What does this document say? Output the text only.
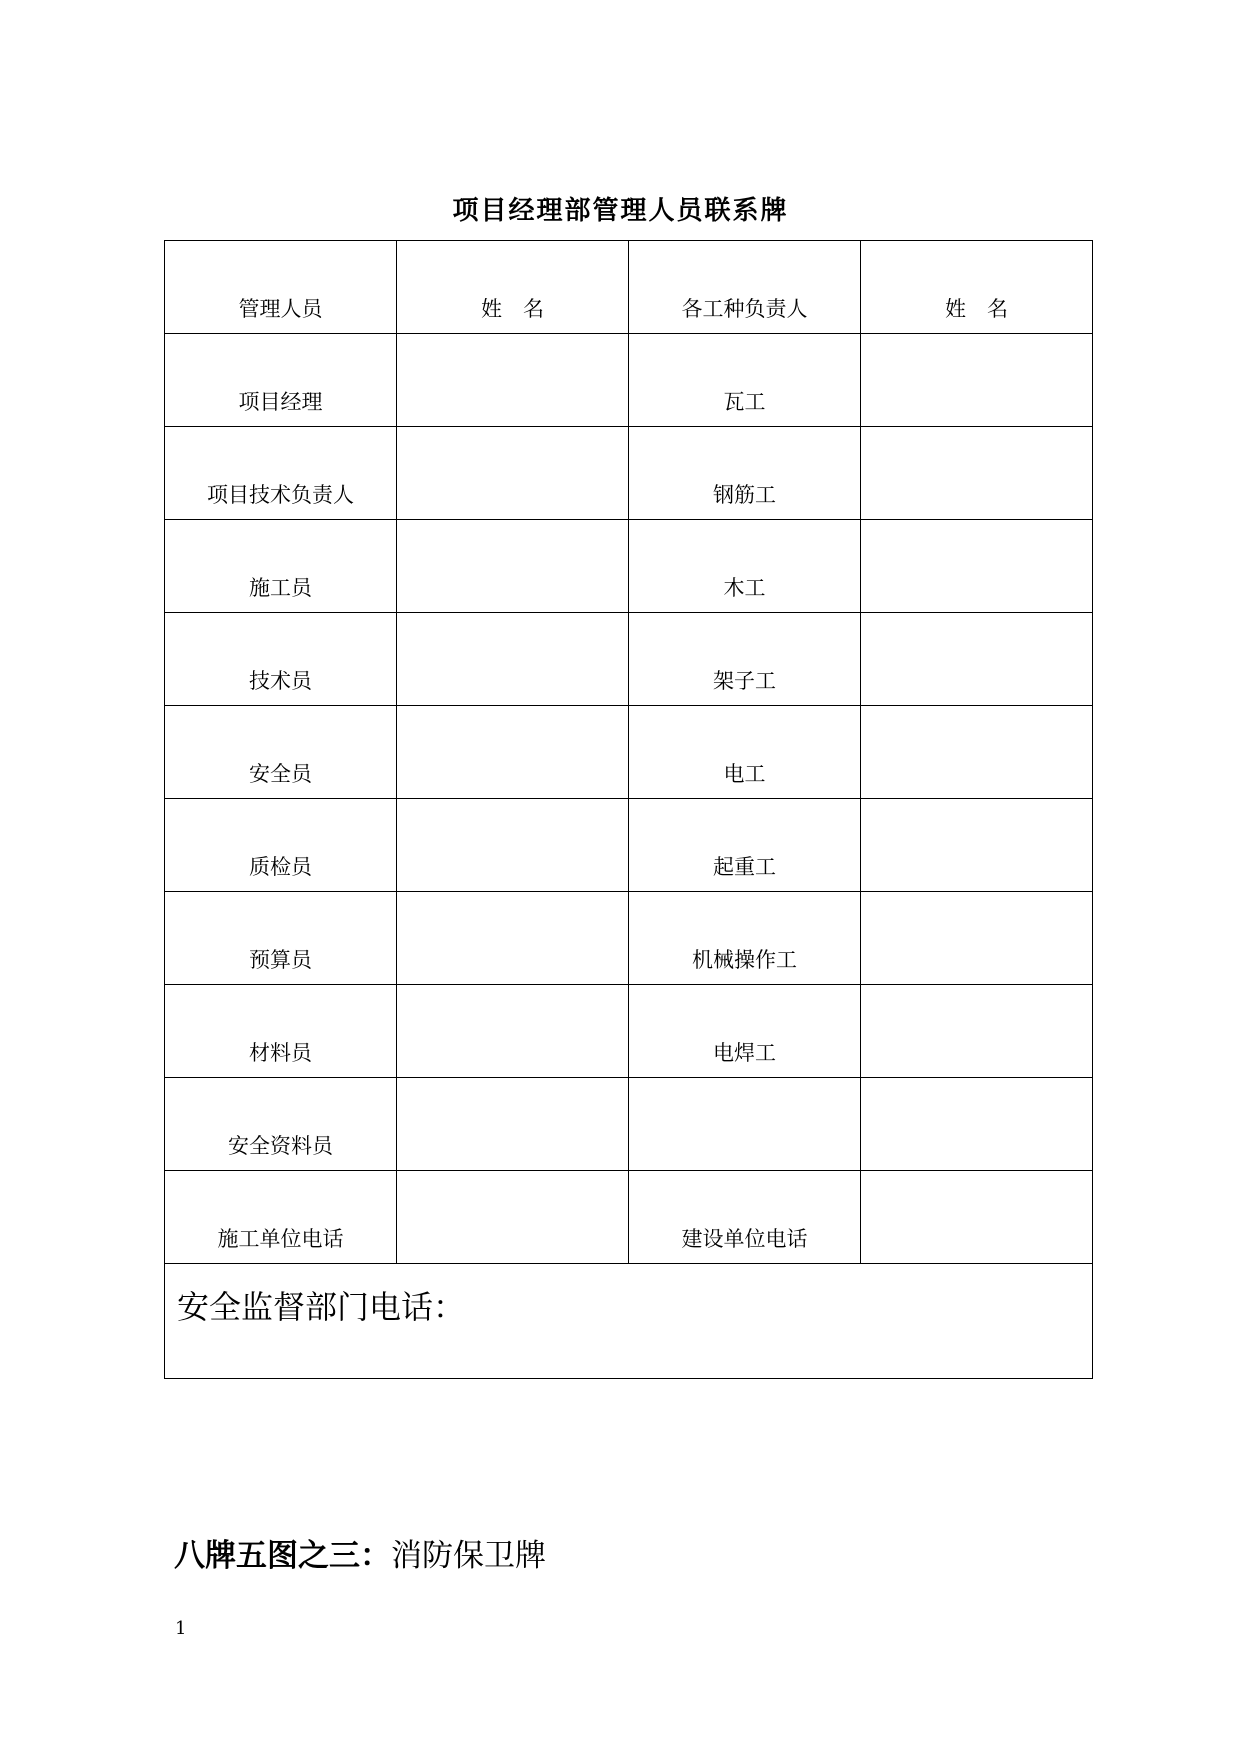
项目经理部管理人员联系牌
管理人员	姓　名	各工种负责人	姓　名
项目经理		瓦工	
项目技术负责人		钢筋工	
施工员		木工	
技术员		架子工	
安全员		电工	
质检员		起重工	
预算员		机械操作工	
材料员		电焊工	
安全资料员			
施工单位电话		建设单位电话	
安全监督部门电话：			
八牌五图之三：消防保卫牌
1
